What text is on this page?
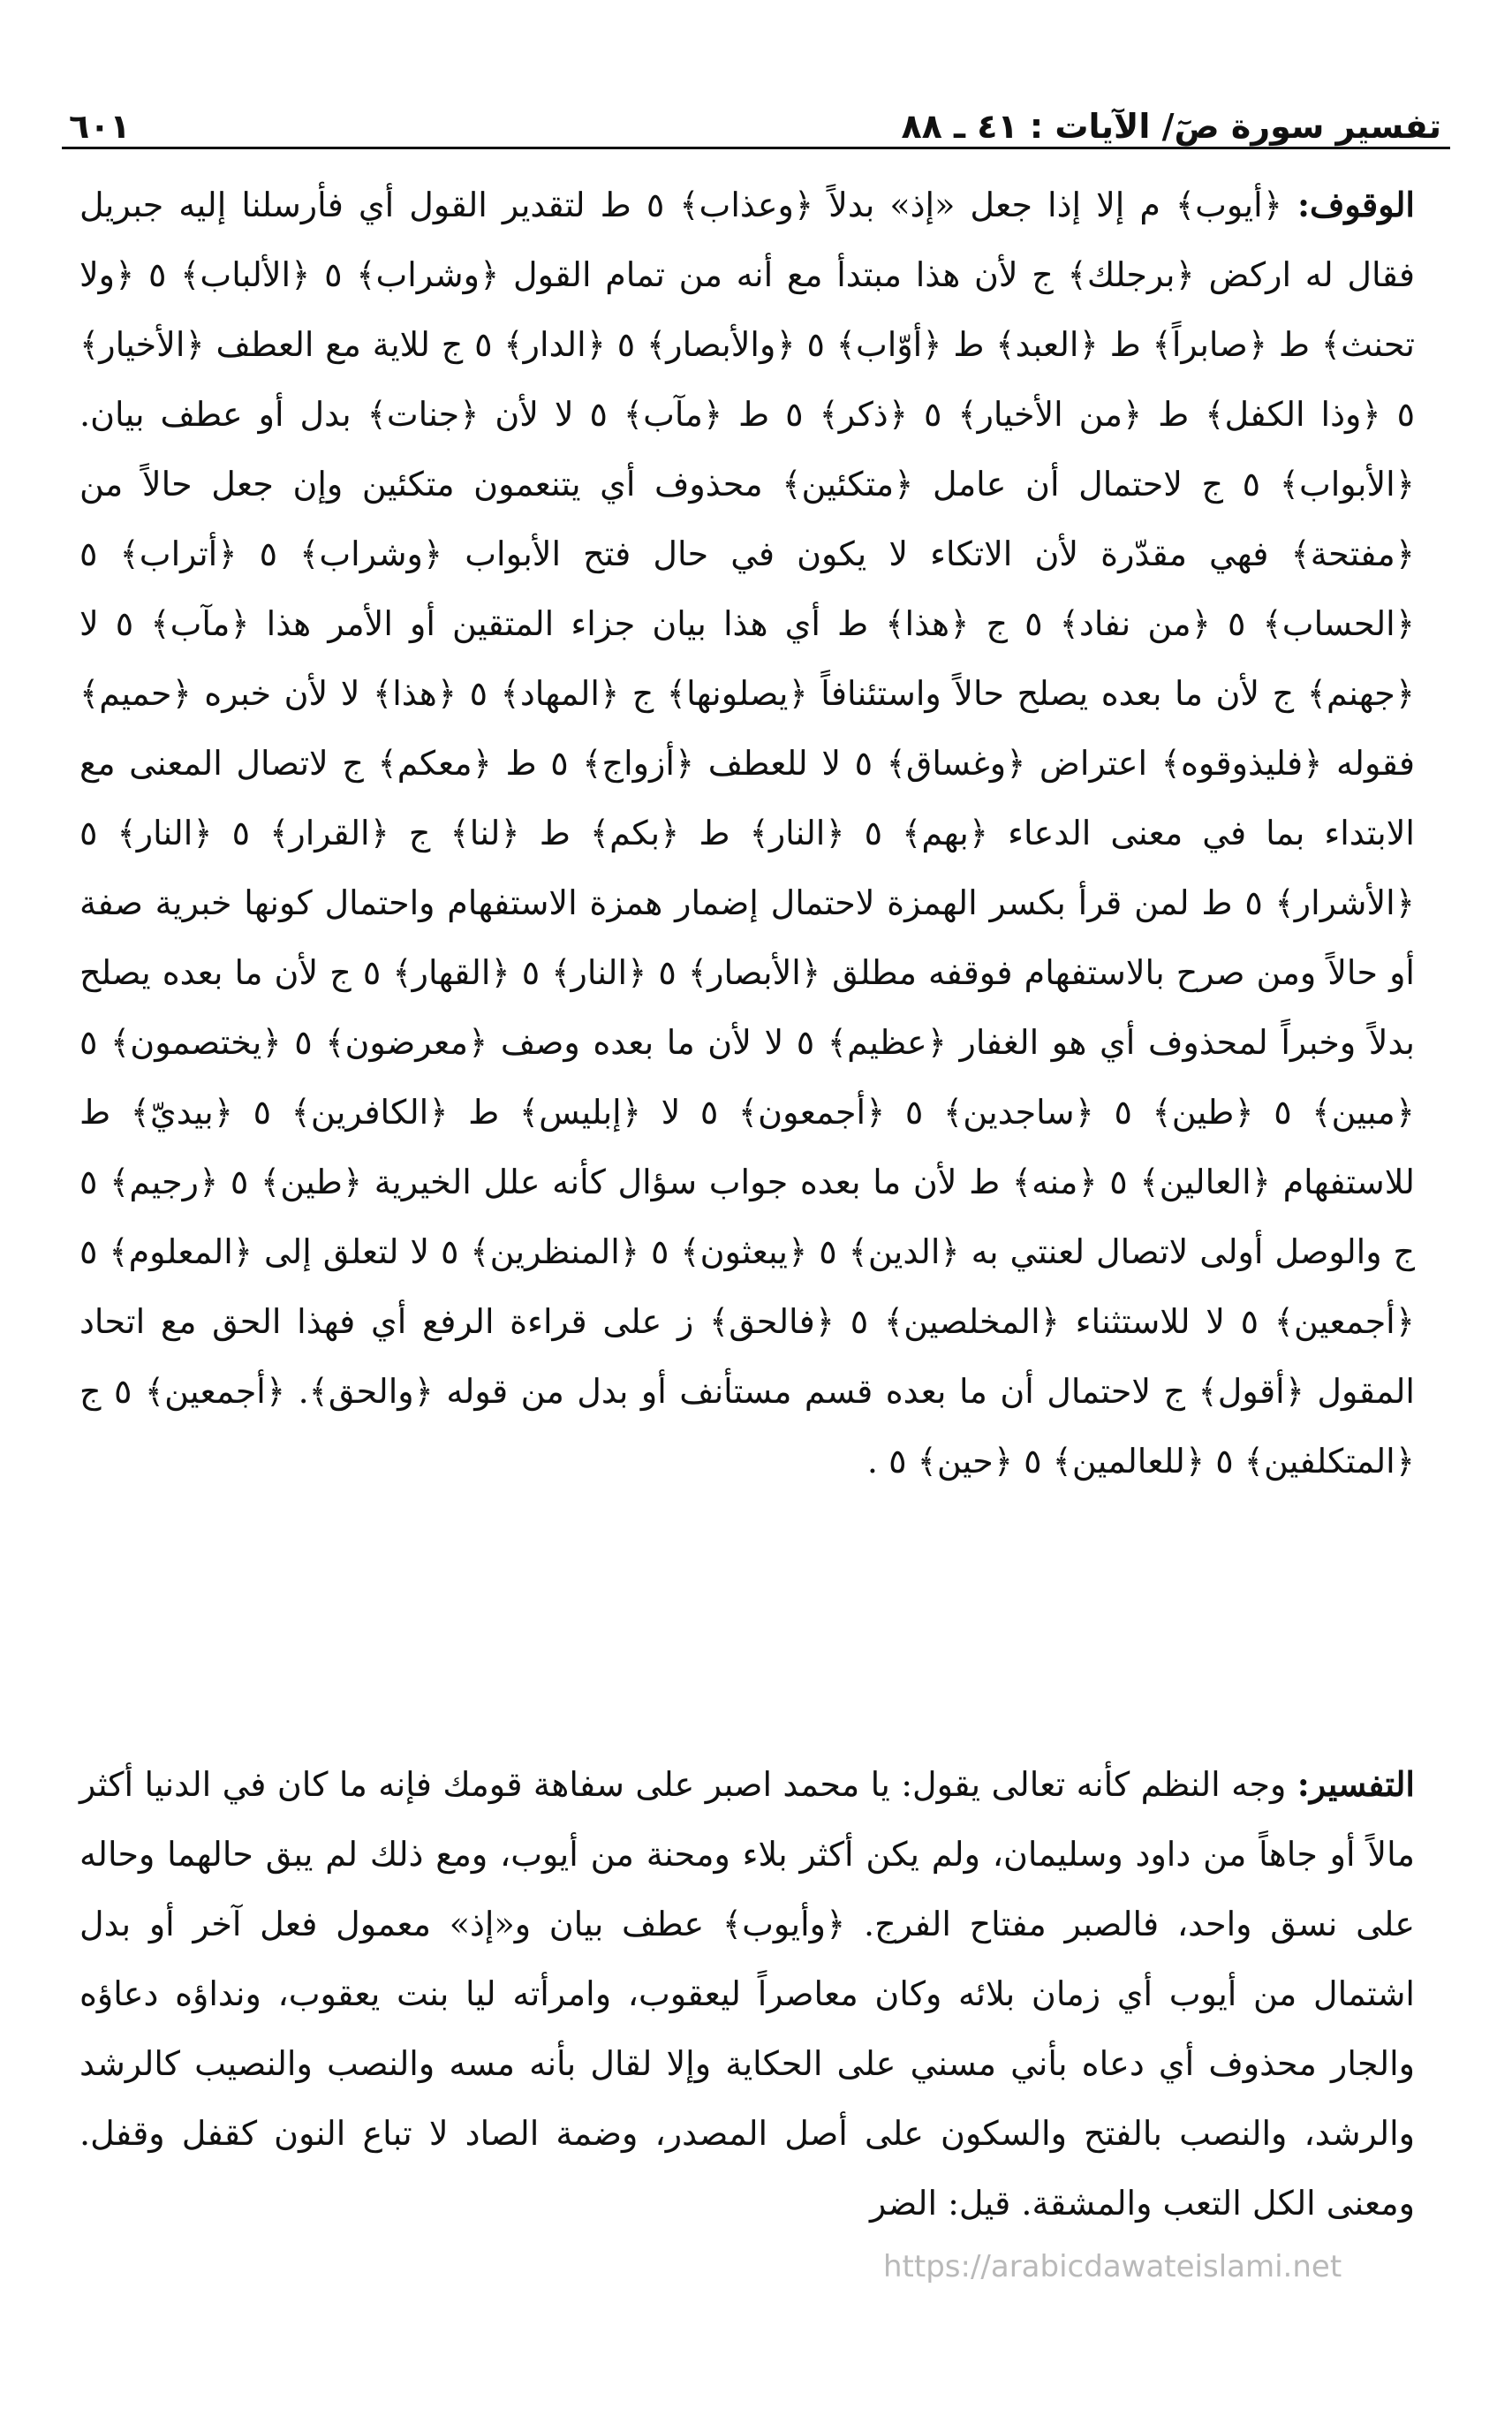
تفسير سورة صٓ/ الآيات : ٤١ ـ ٨٨
٦٠١
الوقوف: ﴿أيوب﴾ م إلا إذا جعل «إذ» بدلاً ﴿وعذاب﴾ ٥ ط لتقدير القول أي فأرسلنا إليه جبريل فقال له اركض ﴿برجلك﴾ ج لأن هذا مبتدأ مع أنه من تمام القول ﴿وشراب﴾ ٥ ﴿الألباب﴾ ٥ ﴿ولا تحنث﴾ ط ﴿صابراً﴾ ط ﴿العبد﴾ ط ﴿أوّاب﴾ ٥ ﴿والأبصار﴾ ٥ ﴿الدار﴾ ٥ ج للاية مع العطف ﴿الأخيار﴾ ٥ ﴿وذا الكفل﴾ ط ﴿من الأخيار﴾ ٥ ﴿ذكر﴾ ٥ ط ﴿مآب﴾ ٥ لا لأن ﴿جنات﴾ بدل أو عطف بيان. ﴿الأبواب﴾ ٥ ج لاحتمال أن عامل ﴿متكئين﴾ محذوف أي يتنعمون متكئين وإن جعل حالاً من ﴿مفتحة﴾ فهي مقدّرة لأن الاتكاء لا يكون في حال فتح الأبواب ﴿وشراب﴾ ٥ ﴿أتراب﴾ ٥ ﴿الحساب﴾ ٥ ﴿من نفاد﴾ ٥ ج ﴿هذا﴾ ط أي هذا بيان جزاء المتقين أو الأمر هذا ﴿مآب﴾ ٥ لا ﴿جهنم﴾ ج لأن ما بعده يصلح حالاً واستئنافاً ﴿يصلونها﴾ ج ﴿المهاد﴾ ٥ ﴿هذا﴾ لا لأن خبره ﴿حميم﴾ فقوله ﴿فليذوقوه﴾ اعتراض ﴿وغساق﴾ ٥ لا للعطف ﴿أزواج﴾ ٥ ط ﴿معكم﴾ ج لاتصال المعنى مع الابتداء بما في معنى الدعاء ﴿بهم﴾ ٥ ﴿النار﴾ ط ﴿بكم﴾ ط ﴿لنا﴾ ج ﴿القرار﴾ ٥ ﴿النار﴾ ٥ ﴿الأشرار﴾ ٥ ط لمن قرأ بكسر الهمزة لاحتمال إضمار همزة الاستفهام واحتمال كونها خبرية صفة أو حالاً ومن صرح بالاستفهام فوقفه مطلق ﴿الأبصار﴾ ٥ ﴿النار﴾ ٥ ﴿القهار﴾ ٥ ج لأن ما بعده يصلح بدلاً وخبراً لمحذوف أي هو الغفار ﴿عظيم﴾ ٥ لا لأن ما بعده وصف ﴿معرضون﴾ ٥ ﴿يختصمون﴾ ٥ ﴿مبين﴾ ٥ ﴿طين﴾ ٥ ﴿ساجدين﴾ ٥ ﴿أجمعون﴾ ٥ لا ﴿إبليس﴾ ط ﴿الكافرين﴾ ٥ ﴿بيديّ﴾ ط للاستفهام ﴿العالين﴾ ٥ ﴿منه﴾ ط لأن ما بعده جواب سؤال كأنه علل الخيرية ﴿طين﴾ ٥ ﴿رجيم﴾ ٥ ج والوصل أولى لاتصال لعنتي به ﴿الدين﴾ ٥ ﴿يبعثون﴾ ٥ ﴿المنظرين﴾ ٥ لا لتعلق إلى ﴿المعلوم﴾ ٥ ﴿أجمعين﴾ ٥ لا للاستثناء ﴿المخلصين﴾ ٥ ﴿فالحق﴾ ز على قراءة الرفع أي فهذا الحق مع اتحاد المقول ﴿أقول﴾ ج لاحتمال أن ما بعده قسم مستأنف أو بدل من قوله ﴿والحق﴾. ﴿أجمعين﴾ ٥ ج ﴿المتكلفين﴾ ٥ ﴿للعالمين﴾ ٥ ﴿حين﴾ ٥ .
التفسير: وجه النظم كأنه تعالى يقول: يا محمد اصبر على سفاهة قومك فإنه ما كان في الدنيا أكثر مالاً أو جاهاً من داود وسليمان، ولم يكن أكثر بلاء ومحنة من أيوب، ومع ذلك لم يبق حالهما وحاله على نسق واحد، فالصبر مفتاح الفرج. ﴿وأيوب﴾ عطف بيان و«إذ» معمول فعل آخر أو بدل اشتمال من أيوب أي زمان بلائه وكان معاصراً ليعقوب، وامرأته ليا بنت يعقوب، ونداؤه دعاؤه والجار محذوف أي دعاه بأني مسني على الحكاية وإلا لقال بأنه مسه والنصب والنصيب كالرشد والرشد، والنصب بالفتح والسكون على أصل المصدر، وضمة الصاد لا تباع النون كقفل وقفل. ومعنى الكل التعب والمشقة. قيل: الضر
https://arabicdawateislami.net
